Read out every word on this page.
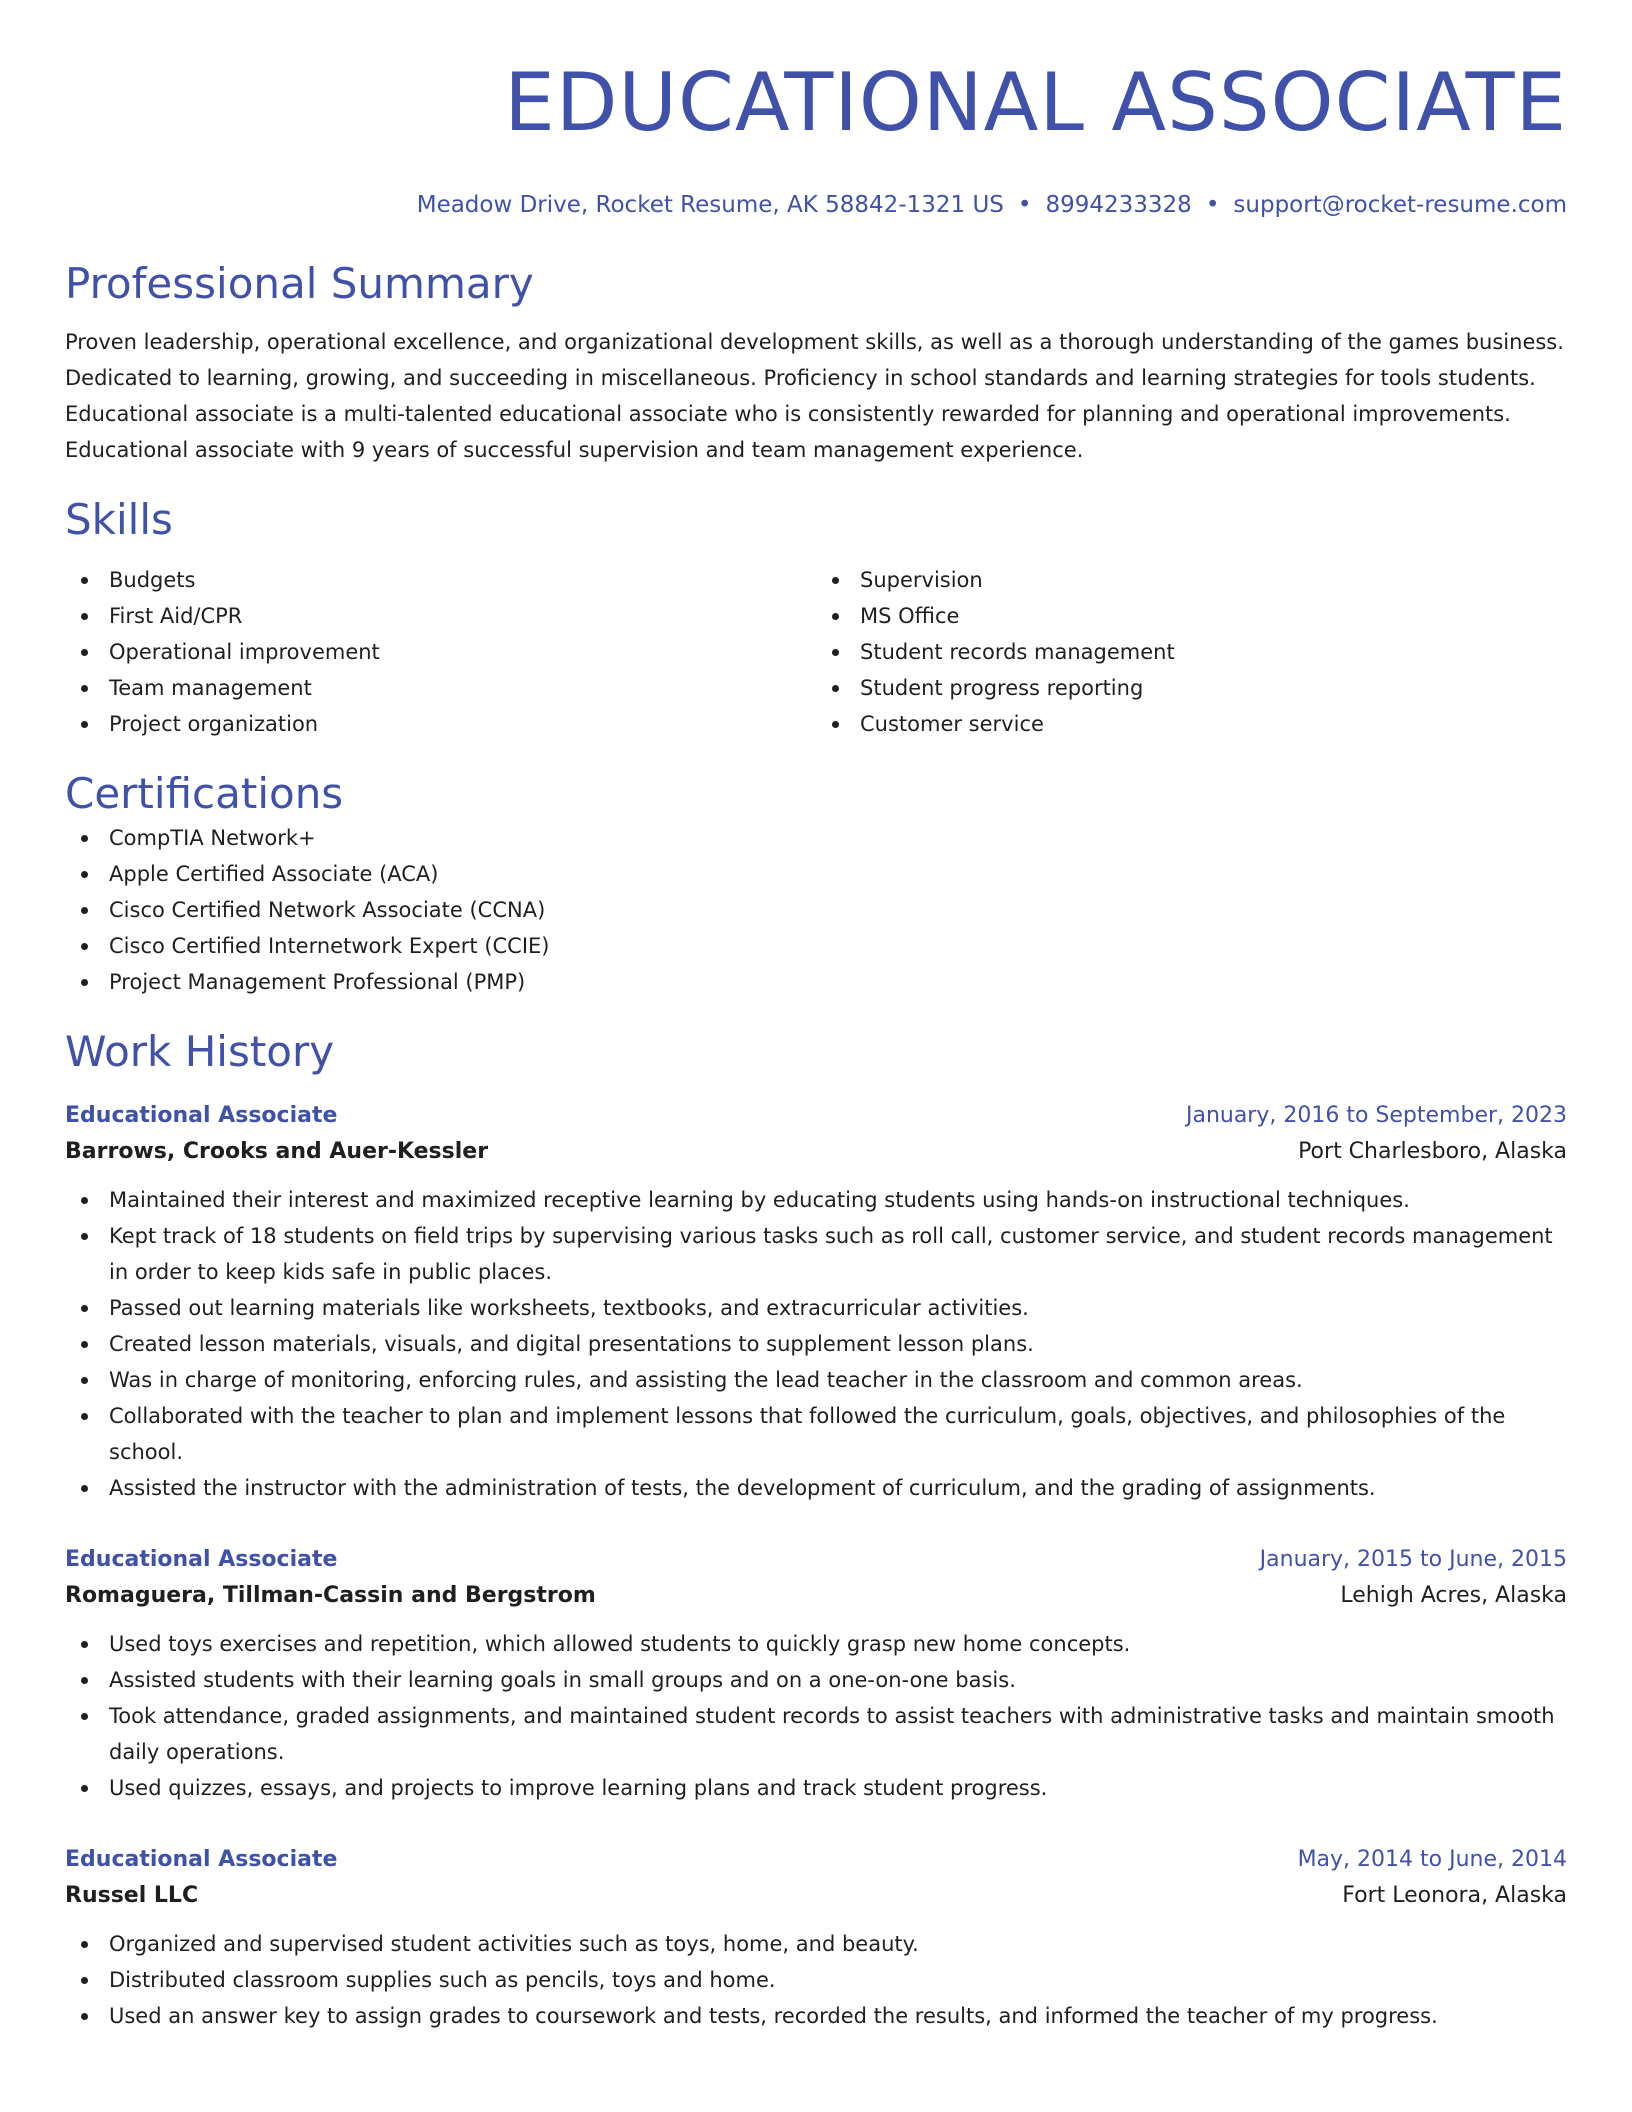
EDUCATIONAL ASSOCIATE
Meadow Drive, Rocket Resume, AK 58842-1321 US • 8994233328 • support@rocket-resume.com
Professional Summary
Proven leadership, operational excellence, and organizational development skills, as well as a thorough understanding of the games business. Dedicated to learning, growing, and succeeding in miscellaneous. Proficiency in school standards and learning strategies for tools students. Educational associate is a multi-talented educational associate who is consistently rewarded for planning and operational improvements. Educational associate with 9 years of successful supervision and team management experience.
Skills
Budgets
First Aid/CPR
Operational improvement
Team management
Project organization
Supervision
MS Office
Student records management
Student progress reporting
Customer service
Certifications
CompTIA Network+
Apple Certified Associate (ACA)
Cisco Certified Network Associate (CCNA)
Cisco Certified Internetwork Expert (CCIE)
Project Management Professional (PMP)
Work History
Educational Associate	January, 2016 to September, 2023
Barrows, Crooks and Auer-Kessler	Port Charlesboro, Alaska
Maintained their interest and maximized receptive learning by educating students using hands-on instructional techniques.
Kept track of 18 students on field trips by supervising various tasks such as roll call, customer service, and student records management in order to keep kids safe in public places.
Passed out learning materials like worksheets, textbooks, and extracurricular activities.
Created lesson materials, visuals, and digital presentations to supplement lesson plans.
Was in charge of monitoring, enforcing rules, and assisting the lead teacher in the classroom and common areas.
Collaborated with the teacher to plan and implement lessons that followed the curriculum, goals, objectives, and philosophies of the school.
Assisted the instructor with the administration of tests, the development of curriculum, and the grading of assignments.
Educational Associate	January, 2015 to June, 2015
Romaguera, Tillman-Cassin and Bergstrom	Lehigh Acres, Alaska
Used toys exercises and repetition, which allowed students to quickly grasp new home concepts.
Assisted students with their learning goals in small groups and on a one-on-one basis.
Took attendance, graded assignments, and maintained student records to assist teachers with administrative tasks and maintain smooth daily operations.
Used quizzes, essays, and projects to improve learning plans and track student progress.
Educational Associate	May, 2014 to June, 2014
Russel LLC	Fort Leonora, Alaska
Organized and supervised student activities such as toys, home, and beauty.
Distributed classroom supplies such as pencils, toys and home.
Used an answer key to assign grades to coursework and tests, recorded the results, and informed the teacher of my progress.
